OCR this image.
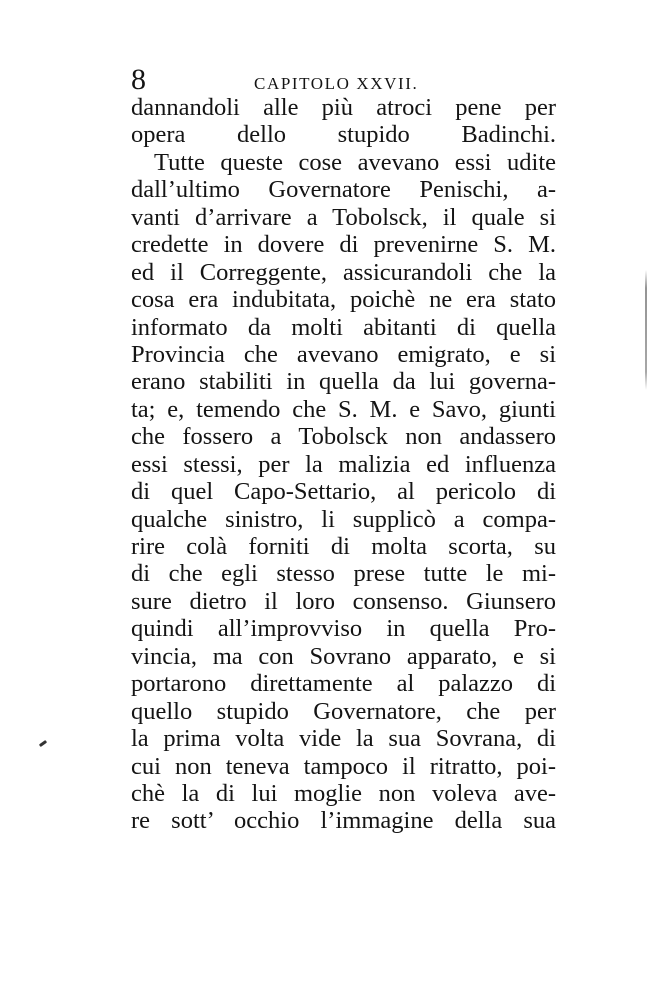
8	CAPITOLO XXVII.
dannandoli alle più atroci pene per
opera dello stupido Badinchi.
Tutte queste cose avevano essi udite
dall’ultimo Governatore Penischi, a-
vanti d’arrivare a Tobolsck, il quale si
credette in dovere di prevenirne S. M.
ed il Correggente, assicurandoli che la
cosa era indubitata, poichè ne era stato
informato da molti abitanti di quella
Provincia che avevano emigrato, e si
erano stabiliti in quella da lui governa-
ta; e, temendo che S. M. e Savo, giunti
che fossero a Tobolsck non andassero
essi stessi, per la malizia ed influenza
di quel Capo-Settario, al pericolo di
qualche sinistro, li supplicò a compa-
rire colà forniti di molta scorta, su
di che egli stesso prese tutte le mi-
sure dietro il loro consenso. Giunsero
quindi all’improvviso in quella Pro-
vincia, ma con Sovrano apparato, e si
portarono direttamente al palazzo di
quello stupido Governatore, che per
la prima volta vide la sua Sovrana, di
cui non teneva tampoco il ritratto, poi-
chè la di lui moglie non voleva ave-
re sott’ occhio l’immagine della sua
